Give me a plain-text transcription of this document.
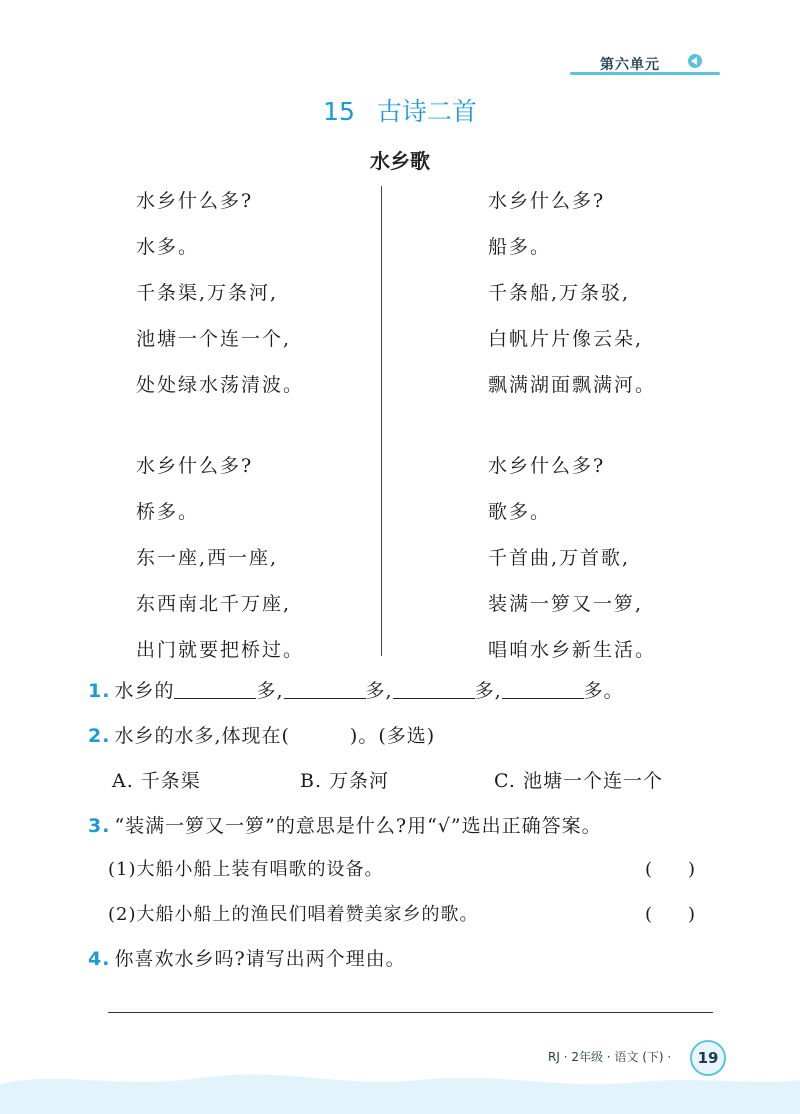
第六单元
15 古诗二首
水乡歌
水乡什么多?
水多。
千条渠,万条河,
池塘一个连一个,
处处绿水荡清波。
水乡什么多?
桥多。
东一座,西一座,
东西南北千万座,
出门就要把桥过。
水乡什么多?
船多。
千条船,万条驳,
白帆片片像云朵,
飘满湖面飘满河。
水乡什么多?
歌多。
千首曲,万首歌,
装满一箩又一箩,
唱咱水乡新生活。
1. 水乡的	多,	多,	多,	多。
2. 水乡的水多,体现在(　　　)。(多选)
A. 千条渠	B. 万条河	C. 池塘一个连一个
3. “装满一箩又一箩”的意思是什么?用“√”选出正确答案。
(1)大船小船上装有唱歌的设备。	(　　)
(2)大船小船上的渔民们唱着赞美家乡的歌。	(　　)
4. 你喜欢水乡吗?请写出两个理由。
RJ · 2年级 · 语文 (下) ·	19
